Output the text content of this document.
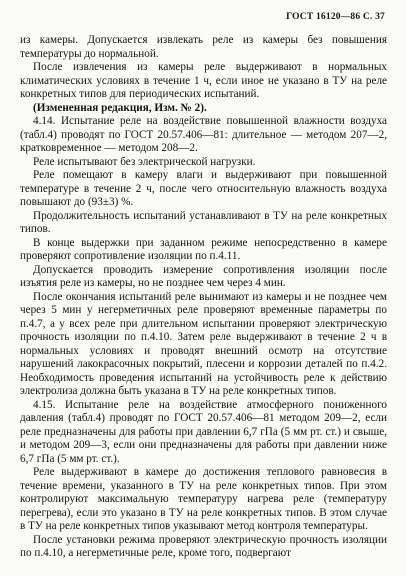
ГОСТ 16120—86 С. 37

из камеры. Допускается извлекать реле из камеры без повышения температуры до нормальной.

После извлечения из камеры реле выдерживают в нормальных климатических условиях в течение 1 ч, если иное не указано в ТУ на реле конкретных типов для периодических испытаний.

(Измененная редакция, Изм. № 2).

4.14. Испытание реле на воздействие повышенной влажности воздуха (табл.4) проводят по ГОСТ 20.57.406—81: длительное — методом 207—2, кратковременное — методом 208—2.

Реле испытывают без электрической нагрузки.

Реле помещают в камеру влаги и выдерживают при повышенной температуре в течение 2 ч, после чего относительную влажность воздуха повышают до (93±3) %.

Продолжительность испытаний устанавливают в ТУ на реле конкретных типов.

В конце выдержки при заданном режиме непосредственно в камере проверяют сопротивление изоляции по п.4.11.

Допускается проводить измерение сопротивления изоляции после изъятия реле из камеры, но не позднее чем через 4 мин.

После окончания испытаний реле вынимают из камеры и не позднее чем через 5 мин у негерметичных реле проверяют временные параметры по п.4.7, а у всех реле при длительном испытании проверяют электрическую прочность изоляции по п.4.10. Затем реле выдерживают в течение 2 ч в нормальных условиях и проводят внешний осмотр на отсутствие нарушений лакокрасочных покрытий, плесени и коррозии деталей по п.4.2. Необходимость проведения испытаний на устойчивость реле к действию электролиза должна быть указана в ТУ на реле конкретных типов.

4.15. Испытание реле на воздействие атмосферного пониженного давления (табл.4) проводят по ГОСТ 20.57.406—81 методом 209—2, если реле предназначены для работы при давлении 6,7 гПа (5 мм рт. ст.) и свыше, и методом 209—3, если они предназначены для работы при давлении ниже 6,7 гПа (5 мм рт. ст.).

Реле выдерживают в камере до достижения теплового равновесия в течение времени, указанного в ТУ на реле конкретных типов. При этом контролируют максимальную температуру нагрева реле (температуру перегрева), если это указано в ТУ на реле конкретных типов. В этом случае в ТУ на реле конкретных типов указывают метод контроля температуры.

После установки режима проверяют электрическую прочность изоляции по п.4.10, а негерметичные реле, кроме того, подвергают
